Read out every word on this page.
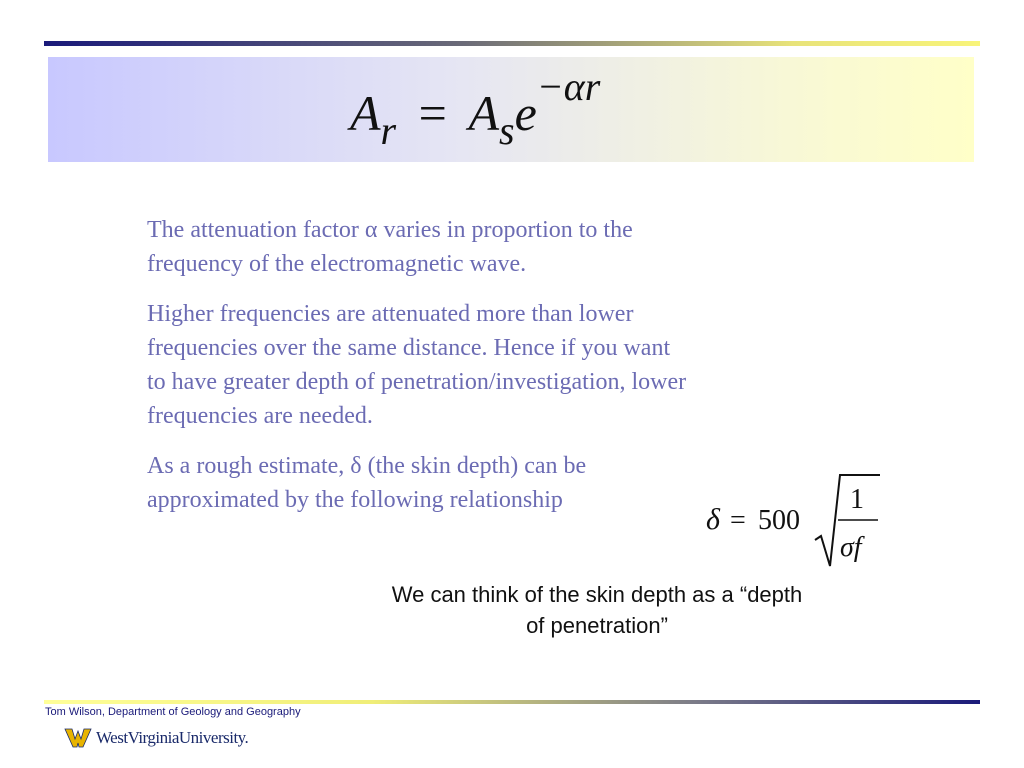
$A_r = A_se^{-\alpha r}$

The attenuation factor α varies in proportion to the frequency of the electromagnetic wave.

Higher frequencies are attenuated more than lower frequencies over the same distance. Hence if you want to have greater depth of penetration/investigation, lower frequencies are needed.

As a rough estimate, δ (the skin depth) can be approximated by the following relationship

δ = 500
1
σf
We can think of the skin depth as a “depth of penetration”
Tom Wilson, Department of Geology and Geography
WestVirginiaUniversity.
